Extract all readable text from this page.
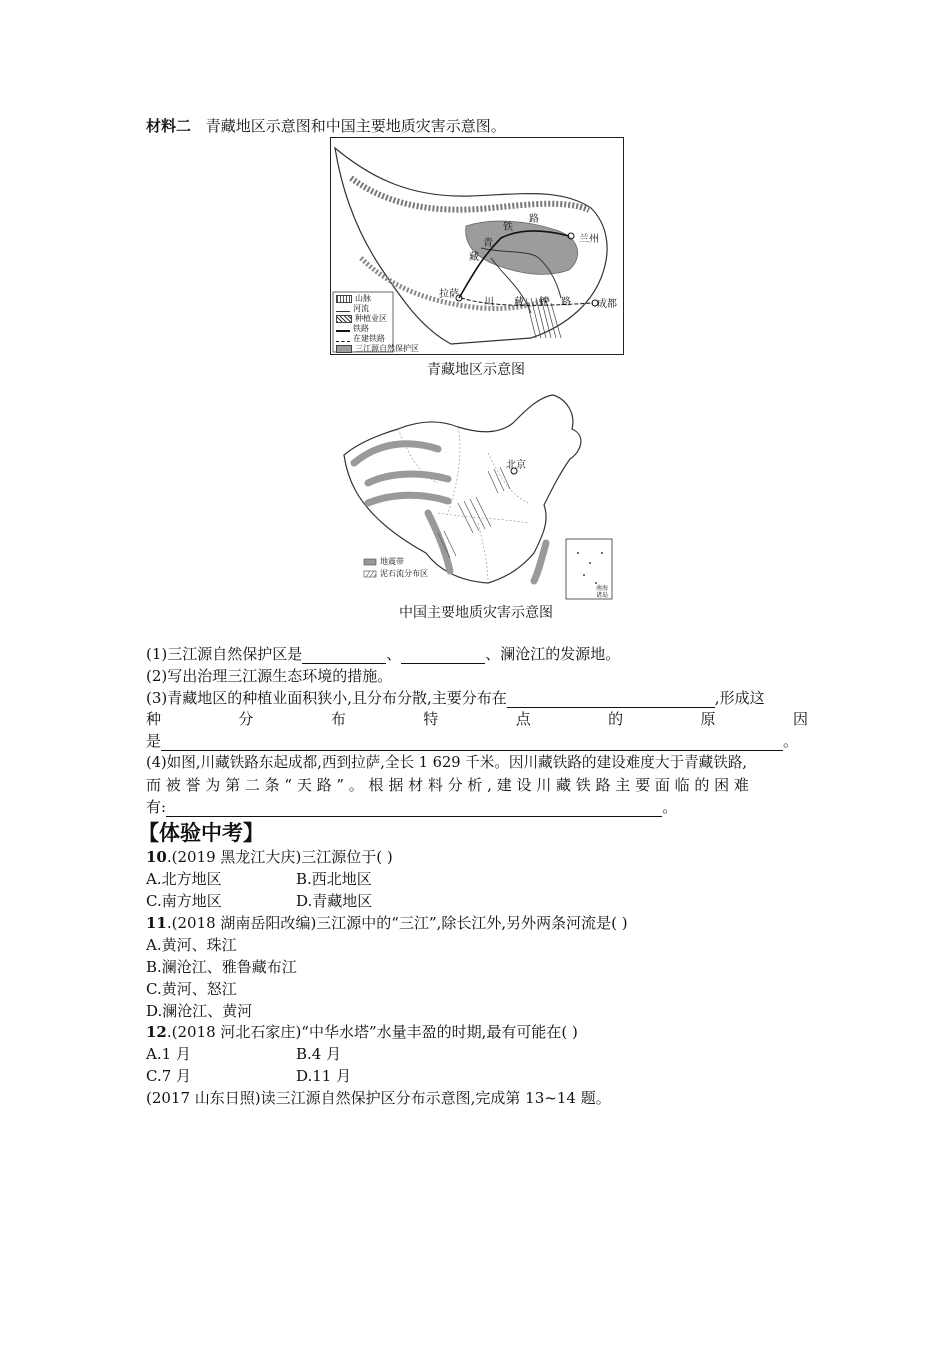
材料二 青藏地区示意图和中国主要地质灾害示意图。
兰州
拉萨
成都
青
藏
铁
路
川 藏 铁 路
山脉
河流
种植业区
铁路
在建铁路
三江源自然保护区
青藏地区示意图
北京
南海诸岛
地震带
泥石流分布区
中国主要地质灾害示意图
(1)三江源自然保护区是	、	、澜沧江的发源地。
(2)写出治理三江源生态环境的措施。
(3)青藏地区的种植业面积狭小,且分布分散,主要分布在	,形成这
种	分	布	特	点	的	原	因
是	。
(4)如图,川藏铁路东起成都,西到拉萨,全长 1 629 千米。因川藏铁路的建设难度大于青藏铁路,
而 被 誉 为 第 二 条 “ 天 路 ” 。 根 据 材 料 分 析 , 建 设 川 藏 铁 路 主 要 面 临 的 困 难
有:	。
【体验中考】
10.(2019 黑龙江大庆)三江源位于( )
A.北方地区	B.西北地区
C.南方地区	D.青藏地区
11.(2018 湖南岳阳改编)三江源中的“三江”,除长江外,另外两条河流是( )
A.黄河、珠江
B.澜沧江、雅鲁藏布江
C.黄河、怒江
D.澜沧江、黄河
12.(2018 河北石家庄)“中华水塔”水量丰盈的时期,最有可能在( )
A.1 月	B.4 月
C.7 月	D.11 月
(2017 山东日照)读三江源自然保护区分布示意图,完成第 13~14 题。
